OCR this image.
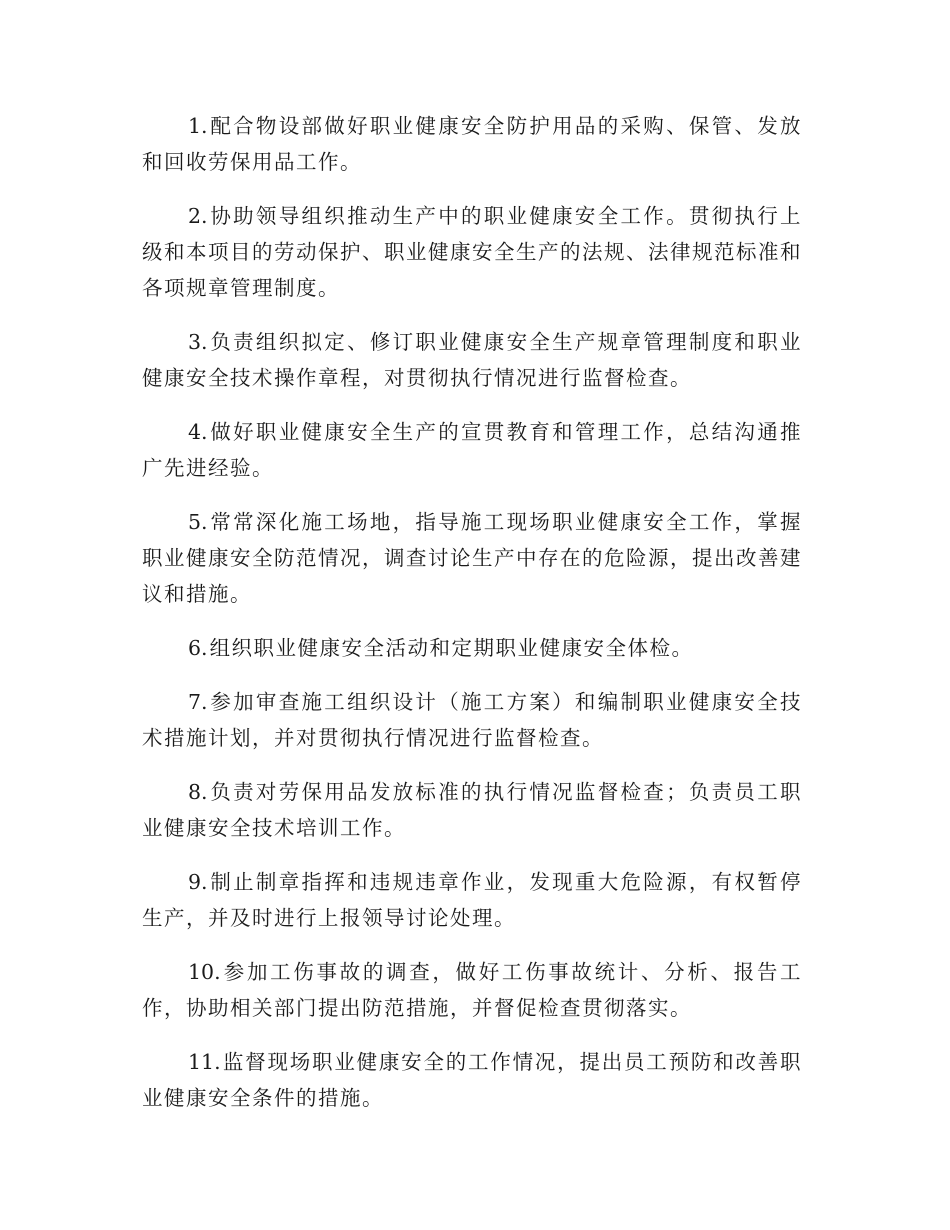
1.配合物设部做好职业健康安全防护用品的采购、保管、发放和回收劳保用品工作。

2.协助领导组织推动生产中的职业健康安全工作。贯彻执行上级和本项目的劳动保护、职业健康安全生产的法规、法律规范标准和各项规章管理制度。

3.负责组织拟定、修订职业健康安全生产规章管理制度和职业健康安全技术操作章程，对贯彻执行情况进行监督检查。

4.做好职业健康安全生产的宣贯教育和管理工作，总结沟通推广先进经验。

5.常常深化施工场地，指导施工现场职业健康安全工作，掌握职业健康安全防范情况，调查讨论生产中存在的危险源，提出改善建议和措施。

6.组织职业健康安全活动和定期职业健康安全体检。

7.参加审查施工组织设计（施工方案）和编制职业健康安全技术措施计划，并对贯彻执行情况进行监督检查。

8.负责对劳保用品发放标准的执行情况监督检查；负责员工职业健康安全技术培训工作。

9.制止制章指挥和违规违章作业，发现重大危险源，有权暂停生产，并及时进行上报领导讨论处理。

10.参加工伤事故的调查，做好工伤事故统计、分析、报告工作，协助相关部门提出防范措施，并督促检查贯彻落实。

11.监督现场职业健康安全的工作情况，提出员工预防和改善职业健康安全条件的措施。
